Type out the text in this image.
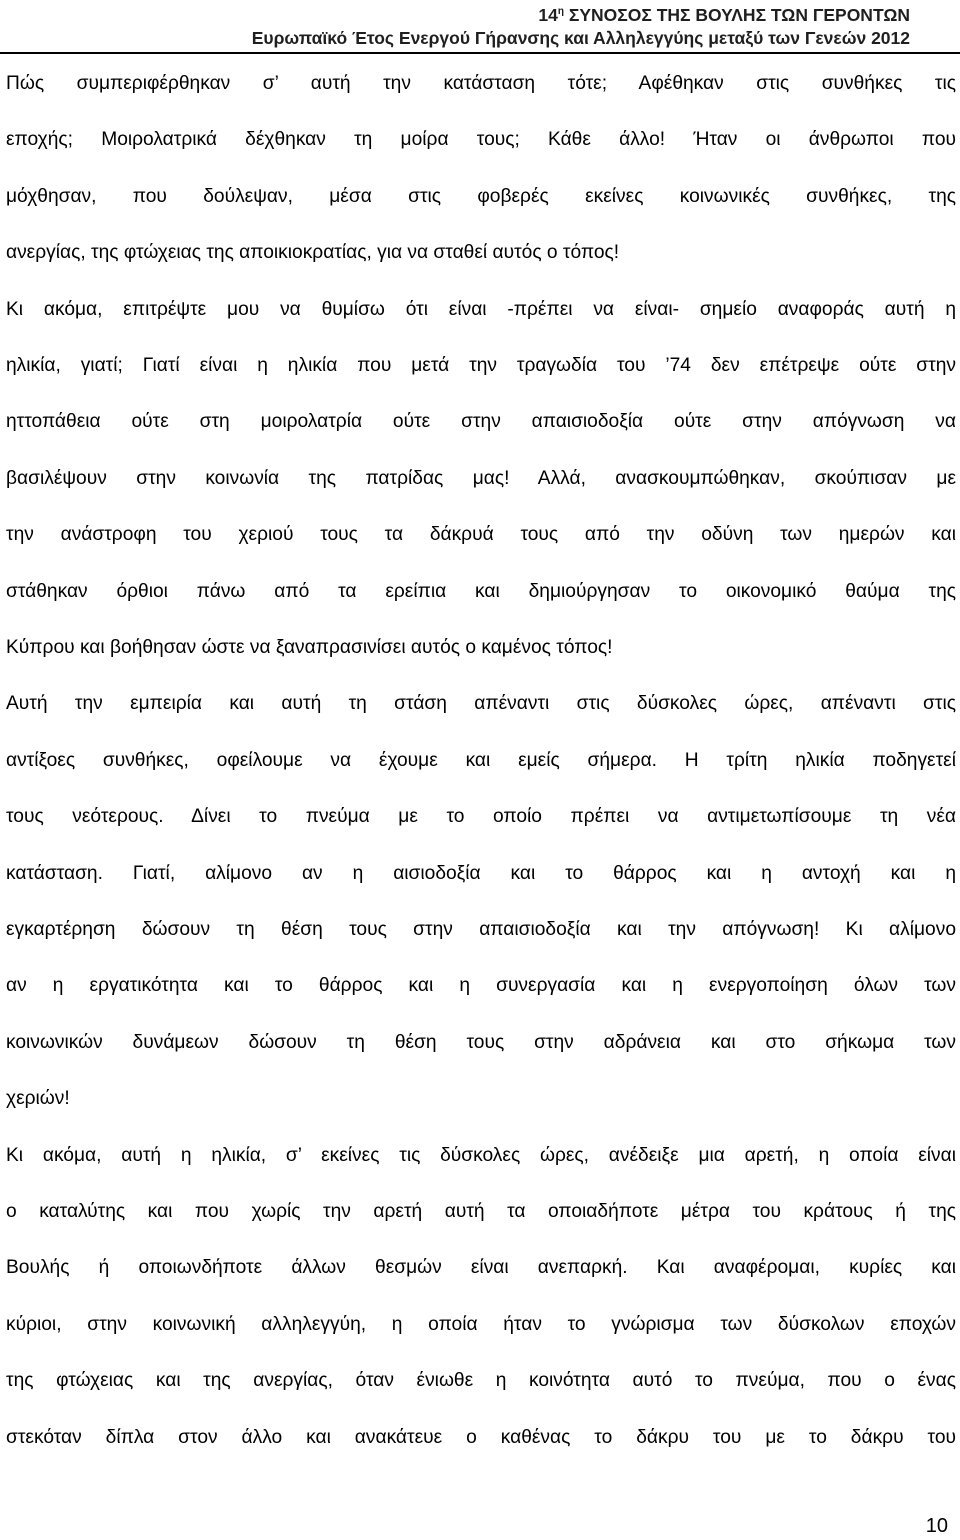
$14^\eta$ ΣΥΝΟΣΟΣ ΤΗΣ ΒΟΥΛΗΣ ΤΩΝ ΓΕΡΟΝΤΩΝ
Ευρωπαϊκό Έτος Ενεργού Γήρανσης και Αλληλεγγύης μεταξύ των Γενεών 2012
Πώς συμπεριφέρθηκαν σ’ αυτή την κατάσταση τότε; Αφέθηκαν στις συνθήκες τις
εποχής; Μοιρολατρικά δέχθηκαν τη μοίρα τους; Κάθε άλλο! Ήταν οι άνθρωποι που
μόχθησαν, που δούλεψαν, μέσα στις φοβερές εκείνες κοινωνικές συνθήκες, της
ανεργίας, της φτώχειας της αποικιοκρατίας, για να σταθεί αυτός ο τόπος!
Κι ακόμα, επιτρέψτε μου να θυμίσω ότι είναι -πρέπει να είναι- σημείο αναφοράς αυτή η
ηλικία, γιατί; Γιατί είναι η ηλικία που μετά την τραγωδία του ’74 δεν επέτρεψε ούτε στην
ηττοπάθεια ούτε στη μοιρολατρία ούτε στην απαισιοδοξία ούτε στην απόγνωση να
βασιλέψουν στην κοινωνία της πατρίδας μας! Αλλά, ανασκουμπώθηκαν, σκούπισαν με
την ανάστροφη του χεριού τους τα δάκρυά τους από την οδύνη των ημερών και
στάθηκαν όρθιοι πάνω από τα ερείπια και δημιούργησαν το οικονομικό θαύμα της
Κύπρου και βοήθησαν ώστε να ξαναπρασινίσει αυτός ο καμένος τόπος!
Αυτή την εμπειρία και αυτή τη στάση απέναντι στις δύσκολες ώρες, απέναντι στις
αντίξοες συνθήκες, οφείλουμε να έχουμε και εμείς σήμερα. Η τρίτη ηλικία ποδηγετεί
τους νεότερους. Δίνει το πνεύμα με το οποίο πρέπει να αντιμετωπίσουμε τη νέα
κατάσταση. Γιατί, αλίμονο αν η αισιοδοξία και το θάρρος και η αντοχή και η
εγκαρτέρηση δώσουν τη θέση τους στην απαισιοδοξία και την απόγνωση! Κι αλίμονο
αν η εργατικότητα και το θάρρος και η συνεργασία και η ενεργοποίηση όλων των
κοινωνικών δυνάμεων δώσουν τη θέση τους στην αδράνεια και στο σήκωμα των
χεριών!
Κι ακόμα, αυτή η ηλικία, σ’ εκείνες τις δύσκολες ώρες, ανέδειξε μια αρετή, η οποία είναι
ο καταλύτης και που χωρίς την αρετή αυτή τα οποιαδήποτε μέτρα του κράτους ή της
Βουλής ή οποιωνδήποτε άλλων θεσμών είναι ανεπαρκή. Και αναφέρομαι, κυρίες και
κύριοι, στην κοινωνική αλληλεγγύη, η οποία ήταν το γνώρισμα των δύσκολων εποχών
της φτώχειας και της ανεργίας, όταν ένιωθε η κοινότητα αυτό το πνεύμα, που ο ένας
στεκόταν δίπλα στον άλλο και ανακάτευε ο καθένας το δάκρυ του με το δάκρυ του
10
